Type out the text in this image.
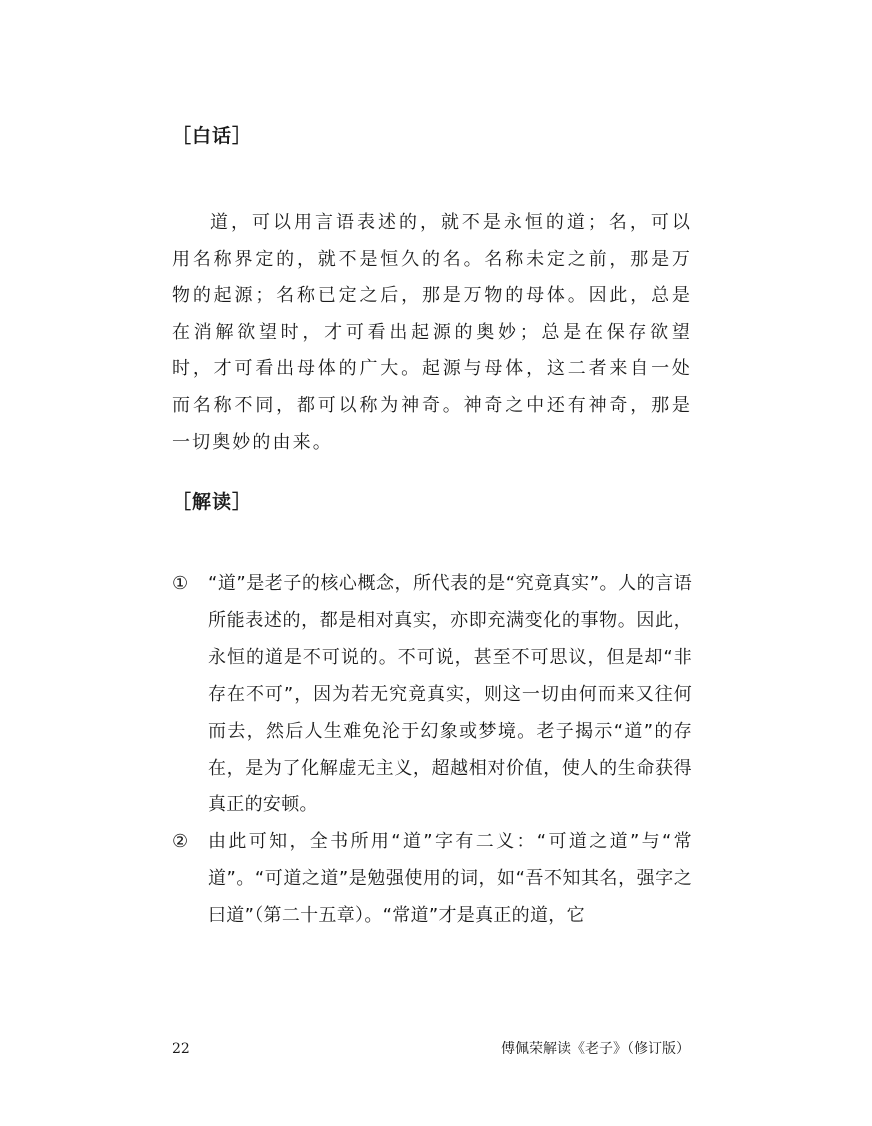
［白话］

道，可以用言语表述的，就不是永恒的道；名，可以用名称界定的，就不是恒久的名。名称未定之前，那是万物的起源；名称已定之后，那是万物的母体。因此，总是在消解欲望时，才可看出起源的奥妙；总是在保存欲望时，才可看出母体的广大。起源与母体，这二者来自一处而名称不同，都可以称为神奇。神奇之中还有神奇，那是一切奥妙的由来。

［解读］
①	“道”是老子的核心概念，所代表的是“究竟真实”。人的言语所能表述的，都是相对真实，亦即充满变化的事物。因此，永恒的道是不可说的。不可说，甚至不可思议，但是却“非存在不可”，因为若无究竟真实，则这一切由何而来又往何而去，然后人生难免沦于幻象或梦境。老子揭示“道”的存在，是为了化解虚无主义，超越相对价值，使人的生命获得真正的安顿。
②	由此可知，全书所用“道”字有二义：“可道之道”与“常道”。“可道之道”是勉强使用的词，如“吾不知其名，强字之曰道”（第二十五章）。“常道”才是真正的道，它
22	傅佩荣解读《老子》（修订版）
